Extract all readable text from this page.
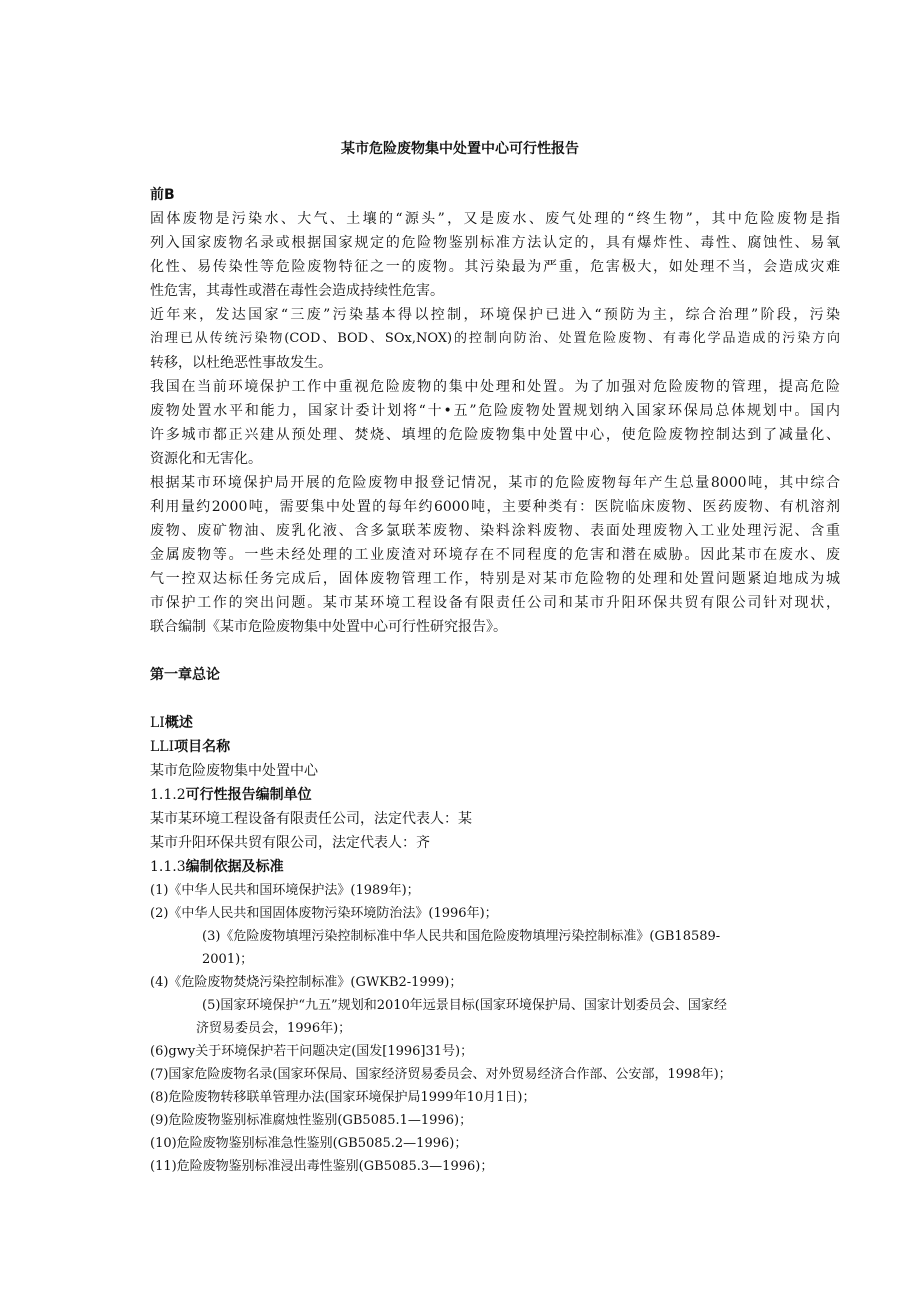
某市危险废物集中处置中心可行性报告
前B
固体废物是污染水、大气、土壤的“源头”，又是废水、废气处理的“终生物”，其中危险废物是指
列入国家废物名录或根据国家规定的危险物鉴别标准方法认定的，具有爆炸性、毒性、腐蚀性、易氧
化性、易传染性等危险废物特征之一的废物。其污染最为严重，危害极大，如处理不当，会造成灾难
性危害，其毒性或潜在毒性会造成持续性危害。
近年来，发达国家“三废”污染基本得以控制，环境保护已进入“预防为主，综合治理”阶段，污染
治理已从传统污染物(COD、BOD、SOx,NOX)的控制向防治、处置危险废物、有毒化学品造成的污染方向
转移，以杜绝恶性事故发生。
我国在当前环境保护工作中重视危险废物的集中处理和处置。为了加强对危险废物的管理，提高危险
废物处置水平和能力，国家计委计划将“十•五”危险废物处置规划纳入国家环保局总体规划中。国内
许多城市都正兴建从预处理、焚烧、填埋的危险废物集中处置中心，使危险废物控制达到了减量化、
资源化和无害化。
根据某市环境保护局开展的危险废物申报登记情况，某市的危险废物每年产生总量8000吨，其中综合
利用量约2000吨，需要集中处置的每年约6000吨，主要种类有：医院临床废物、医药废物、有机溶剂
废物、废矿物油、废乳化液、含多氯联苯废物、染料涂料废物、表面处理废物入工业处理污泥、含重
金属废物等。一些未经处理的工业废渣对环境存在不同程度的危害和潜在威胁。因此某市在废水、废
气一控双达标任务完成后，固体废物管理工作，特别是对某市危险物的处理和处置问题紧迫地成为城
市保护工作的突出问题。某市某环境工程设备有限责任公司和某市升阳环保共贸有限公司针对现状，
联合编制《某市危险废物集中处置中心可行性研究报告》。
第一章总论
LI概述
LLI项目名称
某市危险废物集中处置中心
1.1.2可行性报告编制单位
某市某环境工程设备有限责任公司，法定代表人：某
某市升阳环保共贸有限公司，法定代表人：齐
1.1.3编制依据及标准
(1)《中华人民共和国环境保护法》(1989年)；
(2)《中华人民共和国固体废物污染环境防治法》(1996年)；
(3)《危险废物填埋污染控制标准中华人民共和国危险废物填埋污染控制标准》(GB18589-
2001)；
(4)《危险废物焚烧污染控制标准》(GWKB2-1999)；
(5)国家环境保护“九五”规划和2010年远景目标(国家环境保护局、国家计划委员会、国家经
济贸易委员会，1996年)；
(6)gwy关于环境保护若干问题决定(国发[1996]31号)；
(7)国家危险废物名录(国家环保局、国家经济贸易委员会、对外贸易经济合作部、公安部，1998年)；
(8)危险废物转移联单管理办法(国家环境保护局1999年10月1日)；
(9)危险废物鉴别标准腐烛性鉴别(GB5085.1—1996)；
(10)危险废物鉴别标准急性鉴别(GB5085.2—1996)；
(11)危险废物鉴别标准浸出毒性鉴别(GB5085.3—1996)；
